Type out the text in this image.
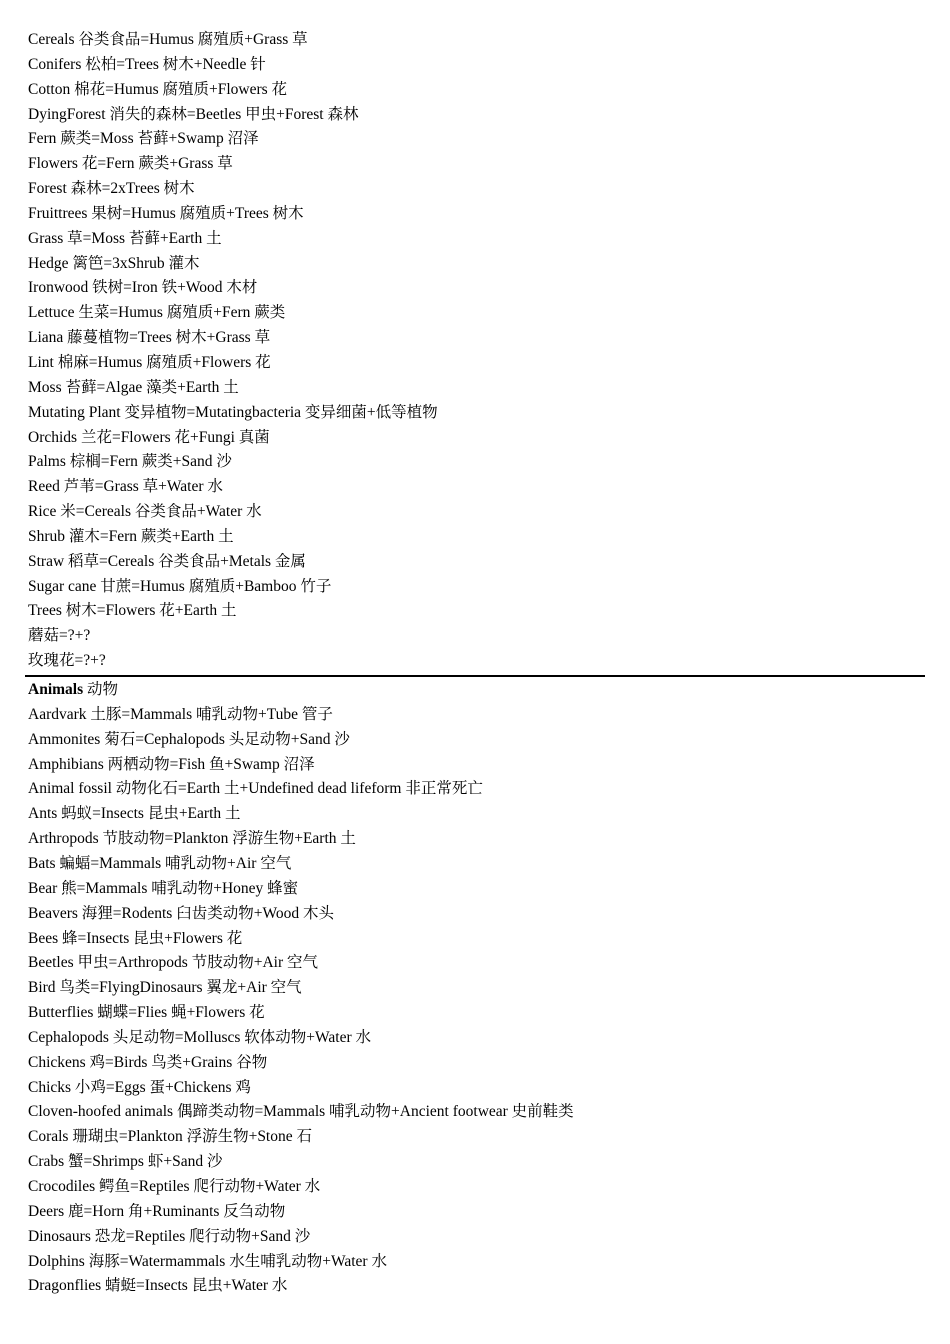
Cereals 谷类食品=Humus 腐殖质+Grass 草
Conifers 松柏=Trees 树木+Needle 针
Cotton 棉花=Humus 腐殖质+Flowers 花
DyingForest 消失的森林=Beetles 甲虫+Forest 森林
Fern 蕨类=Moss 苔藓+Swamp 沼泽
Flowers 花=Fern 蕨类+Grass 草
Forest 森林=2xTrees 树木
Fruittrees 果树=Humus 腐殖质+Trees 树木
Grass 草=Moss 苔藓+Earth 土
Hedge 篱笆=3xShrub 灌木
Ironwood 铁树=Iron 铁+Wood 木材
Lettuce 生菜=Humus 腐殖质+Fern 蕨类
Liana 藤蔓植物=Trees 树木+Grass 草
Lint 棉麻=Humus 腐殖质+Flowers 花
Moss 苔藓=Algae 藻类+Earth 土
Mutating Plant 变异植物=Mutatingbacteria 变异细菌+低等植物
Orchids 兰花=Flowers 花+Fungi 真菌
Palms 棕榈=Fern 蕨类+Sand 沙
Reed 芦苇=Grass 草+Water 水
Rice 米=Cereals 谷类食品+Water 水
Shrub 灌木=Fern 蕨类+Earth 土
Straw 稻草=Cereals 谷类食品+Metals 金属
Sugar cane 甘蔗=Humus 腐殖质+Bamboo 竹子
Trees 树木=Flowers 花+Earth 土
蘑菇=?+?
玫瑰花=?+?
Animals 动物
Aardvark 土豚=Mammals 哺乳动物+Tube 管子
Ammonites 菊石=Cephalopods 头足动物+Sand 沙
Amphibians 两栖动物=Fish 鱼+Swamp 沼泽
Animal fossil 动物化石=Earth 土+Undefined dead lifeform 非正常死亡
Ants 蚂蚁=Insects 昆虫+Earth 土
Arthropods 节肢动物=Plankton 浮游生物+Earth 土
Bats 蝙蝠=Mammals 哺乳动物+Air 空气
Bear 熊=Mammals 哺乳动物+Honey 蜂蜜
Beavers 海狸=Rodents 臼齿类动物+Wood 木头
Bees 蜂=Insects 昆虫+Flowers 花
Beetles 甲虫=Arthropods 节肢动物+Air 空气
Bird 鸟类=FlyingDinosaurs 翼龙+Air 空气
Butterflies 蝴蝶=Flies 蝇+Flowers 花
Cephalopods 头足动物=Molluscs 软体动物+Water 水
Chickens 鸡=Birds 鸟类+Grains 谷物
Chicks 小鸡=Eggs 蛋+Chickens 鸡
Cloven-hoofed animals 偶蹄类动物=Mammals 哺乳动物+Ancient footwear 史前鞋类
Corals 珊瑚虫=Plankton 浮游生物+Stone 石
Crabs 蟹=Shrimps 虾+Sand 沙
Crocodiles 鳄鱼=Reptiles 爬行动物+Water 水
Deers 鹿=Horn 角+Ruminants 反刍动物
Dinosaurs 恐龙=Reptiles 爬行动物+Sand 沙
Dolphins 海豚=Watermammals 水生哺乳动物+Water 水
Dragonflies 蜻蜓=Insects 昆虫+Water 水
